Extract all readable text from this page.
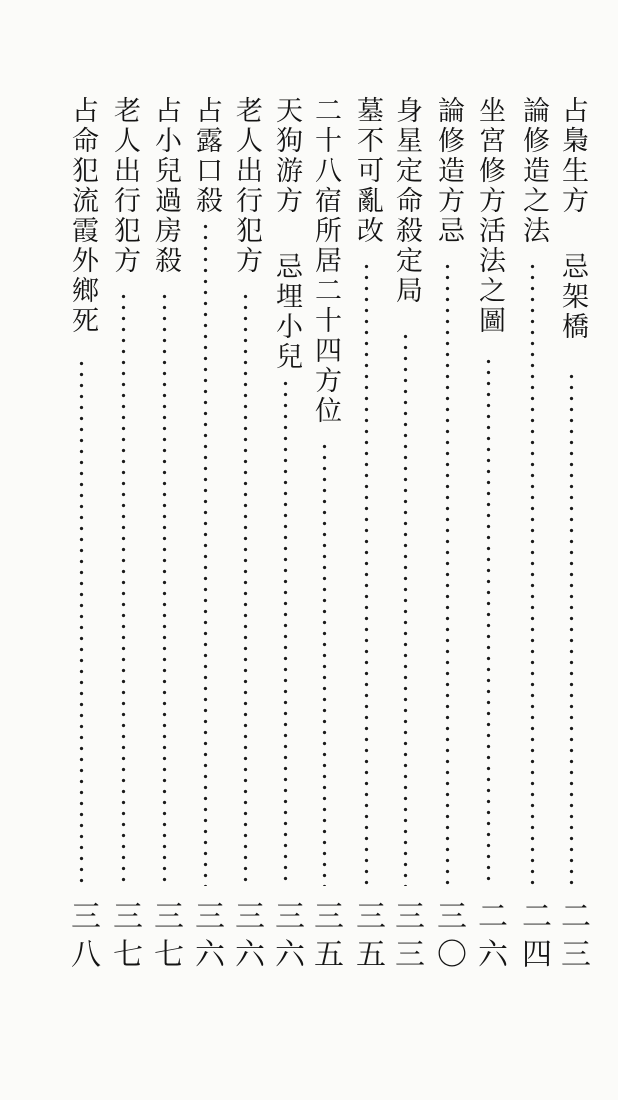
占梟生方忌架橋
二三
論修造之法
二四
坐宮修方活法之圖
二六
論修造方忌
三〇
身星定命殺定局
三三
墓不可亂改
三五
二十八宿所居二十四方位
三五
天狗游方忌埋小兒
三六
老人出行犯方
三六
占露口殺
三六
占小兒過房殺
三七
老人出行犯方
三七
占命犯流霞外鄉死
三八
